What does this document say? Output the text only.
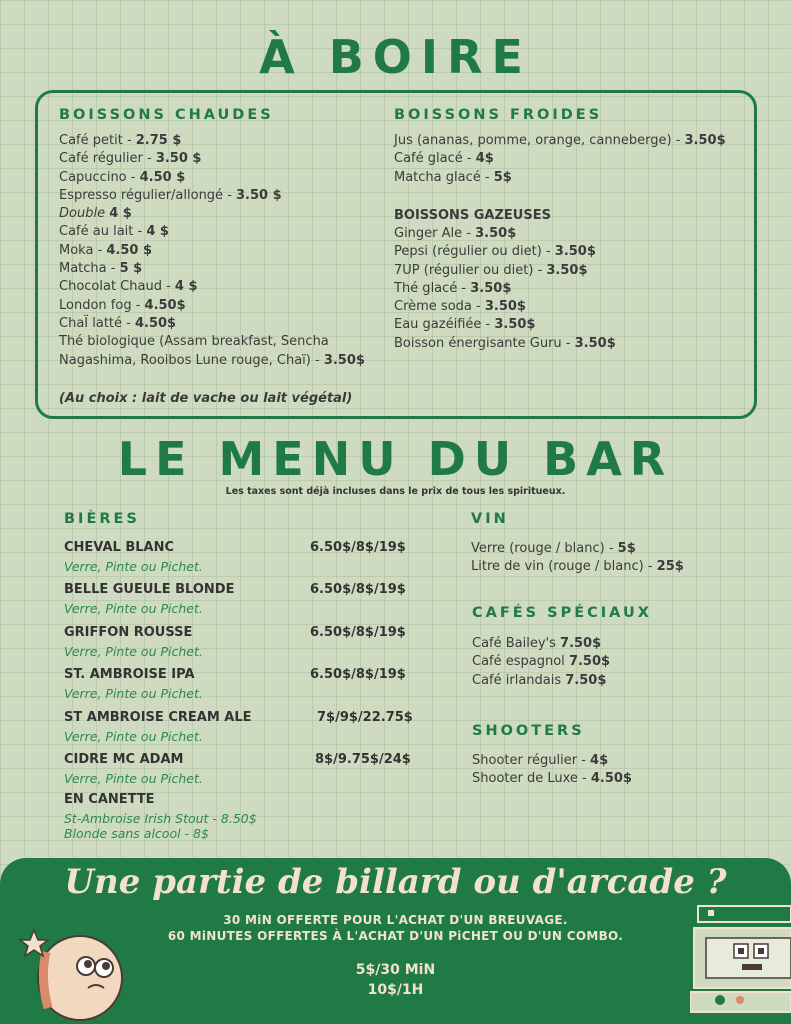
À BOIRE
BOISSONS CHAUDES
Café petit - 2.75 $
Café régulier - 3.50 $
Capuccino - 4.50 $
Espresso régulier/allongé - 3.50 $
Double 4 $
Café au lait - 4 $
Moka - 4.50 $
Matcha - 5 $
Chocolat Chaud - 4 $
London fog - 4.50$
ChaÏ latté - 4.50$
Thé biologique (Assam breakfast, Sencha
Nagashima, Rooibos Lune rouge, Chaï) - 3.50$
(Au choix : lait de vache ou lait végétal)
BOISSONS FROIDES
Jus (ananas, pomme, orange, canneberge) - 3.50$
Café glacé - 4$
Matcha glacé - 5$
BOISSONS GAZEUSES
Ginger Ale - 3.50$
Pepsi (régulier ou diet) - 3.50$
7UP (régulier ou diet) - 3.50$
Thé glacé - 3.50$
Crème soda - 3.50$
Eau gazéifiée - 3.50$
Boisson énergisante Guru - 3.50$
LE MENU DU BAR
Les taxes sont déjà incluses dans le prix de tous les spiritueux.
BIÈRES
CHEVAL BLANC	6.50$/8$/19$
Verre, Pinte ou Pichet.
BELLE GUEULE BLONDE	6.50$/8$/19$
Verre, Pinte ou Pichet.
GRIFFON ROUSSE	6.50$/8$/19$
Verre, Pinte ou Pichet.
ST. AMBROISE IPA	6.50$/8$/19$
Verre, Pinte ou Pichet.
ST AMBROISE CREAM ALE	7$/9$/22.75$
Verre, Pinte ou Pichet.
CIDRE MC ADAM	8$/9.75$/24$
Verre, Pinte ou Pichet.
EN CANETTE
St-Ambroise Irish Stout - 8.50$
Blonde sans alcool - 8$
VIN
Verre (rouge / blanc) - 5$
Litre de vin (rouge / blanc) - 25$
CAFÉS SPÉCIAUX
Café Bailey's 7.50$
Café espagnol 7.50$
Café irlandais 7.50$
SHOOTERS
Shooter régulier - 4$
Shooter de Luxe - 4.50$
Une partie de billard ou d'arcade ?
30 MiN OFFERTE POUR L'ACHAT D'UN BREUVAGE.
60 MiNUTES OFFERTES À L'ACHAT D'UN PiCHET OU D'UN COMBO.
5$/30 MiN
10$/1H
